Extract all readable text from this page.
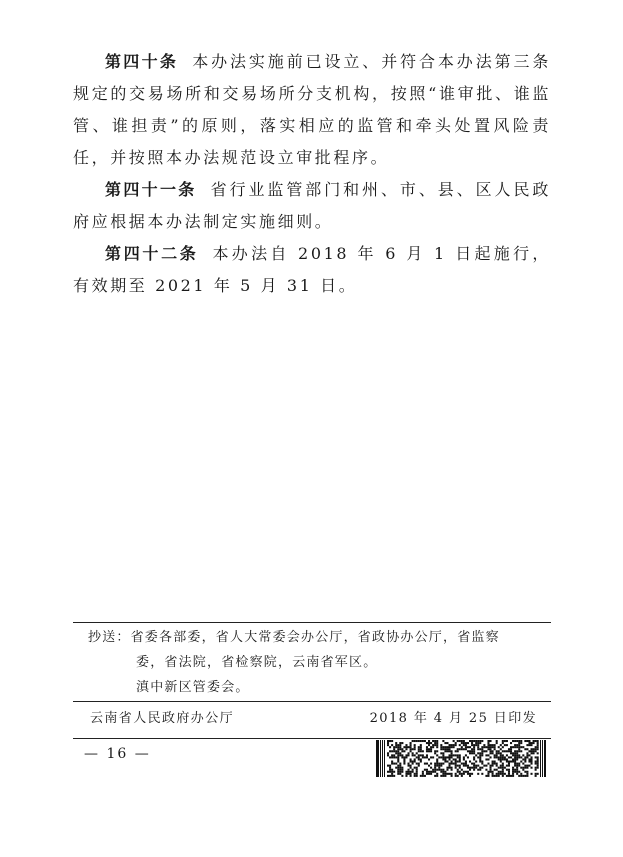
第四十条 本办法实施前已设立、并符合本办法第三条规定的交易场所和交易场所分支机构，按照“谁审批、谁监管、谁担责”的原则，落实相应的监管和牵头处置风险责任，并按照本办法规范设立审批程序。

第四十一条 省行业监管部门和州、市、县、区人民政府应根据本办法制定实施细则。

第四十二条 本办法自 2018 年 6 月 1 日起施行，有效期至 2021 年 5 月 31 日。

抄送：省委各部委，省人大常委会办公厅，省政协办公厅，省监察
委，省法院，省检察院，云南省军区。
滇中新区管委会。
云南省人民政府办公厅	2018 年 4 月 25 日印发
— 16 —
